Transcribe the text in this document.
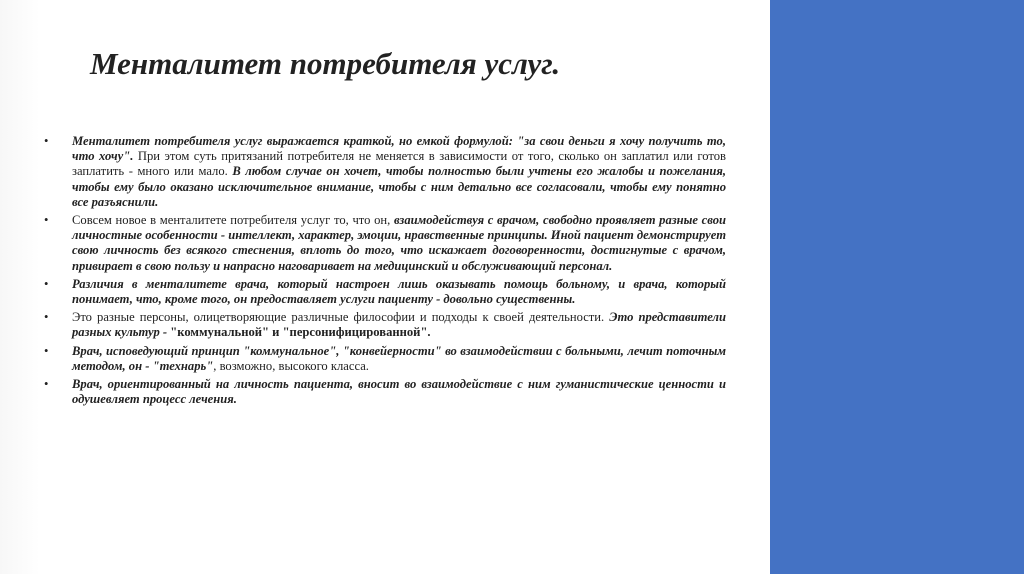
Менталитет потребителя услуг.
• Менталитет потребителя услуг выражается краткой, но емкой формулой: "за свои деньги я хочу получить то, что хочу". При этом суть притязаний потребителя не меняется в зависимости от того, сколько он заплатил или готов заплатить - много или мало. В любом случае он хочет, чтобы полностью были учтены его жалобы и пожелания, чтобы ему было оказано исключительное внимание, чтобы с ним детально все согласовали, чтобы ему понятно все разъяснили.
• Совсем новое в менталитете потребителя услуг то, что он, взаимодействуя с врачом, свободно проявляет разные свои личностные особенности - интеллект, характер, эмоции, нравственные принципы. Иной пациент демонстрирует свою личность без всякого стеснения, вплоть до того, что искажает договоренности, достигнутые с врачом, привирает в свою пользу и напрасно наговаривает на медицинский и обслуживающий персонал.
• Различия в менталитете врача, который настроен лишь оказывать помощь больному, и врача, который понимает, что, кроме того, он предоставляет услуги пациенту - довольно существенны.
• Это разные персоны, олицетворяющие различные философии и подходы к своей деятельности. Это представители разных культур - "коммунальной" и "персонифицированной".
• Врач, исповедующий принцип "коммунальное", "конвейерности" во взаимодействии с больными, лечит поточным методом, он - "технарь", возможно, высокого класса.
• Врач, ориентированный на личность пациента, вносит во взаимодействие с ним гуманистические ценности и одушевляет процесс лечения.
